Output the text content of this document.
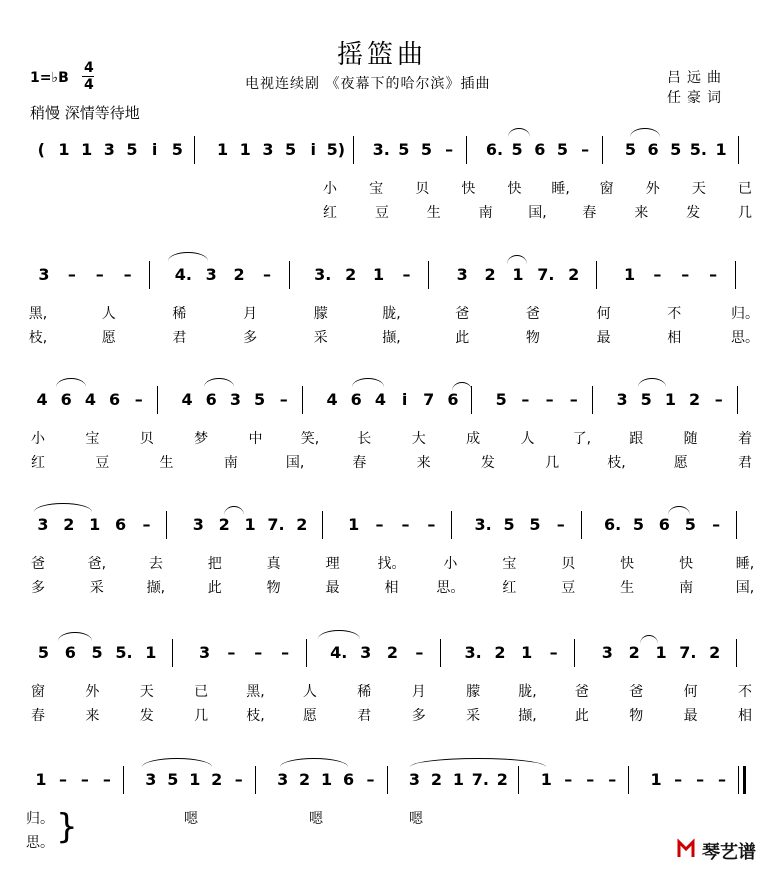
摇篮曲
1=♭B
4
4	电视连续剧 《夜幕下的哈尔滨》插曲	吕远曲
任豪词
稍慢 深情等待地
( 1 1 3 5 i 5 1 1 3 5 i 5) 3. 5 5 – 6. 5 6 5 – 5 6 5 5. 1
小 宝 贝 快 快 睡, 窗 外 天 已
红	豆	生	南	国,	春	来	发	几
3 – – –	4. 3 2 –	3. 2 1 –	3 2 1 7. 2	1 – – –
黑,	人	稀	月	朦	胧,	爸	爸	何	不	归。
枝,	愿	君	多	采	撷,	此	物	最	相	思。
4 6 4 6 – 4 6 3 5 – 4 6 4 i 7 6 5 – – – 3 5 1 2 –
小	宝	贝	梦	中	笑,	长	大	成	人	了,	跟	随	着
红	豆	生	南	国,	春	来	发	几	枝,	愿	君
3 2 1 6 –	3 2 1 7. 2	1 – – – 3. 5 5 – 6. 5 6 5 –
爸	爸,	去	把	真	理	找。	小	宝	贝	快	快	睡,
多	采	撷,	此	物	最	相	思。	红	豆	生	南	国,
5 6 5 5. 1	3 – – –	4. 3 2 –	3. 2 1 –	3 2 1 7. 2
窗	外	天	已	黑,	人	稀	月	朦	胧,	爸	爸	何	不
春	来	发	几	枝,	愿	君	多	采	撷,	此	物	最	相
1 – – – 3 5 1 2 – 3 2 1 6 – 3 2 1 7. 2 1 – – – 1 – – –
归。	嗯	嗯	嗯
思。 }
琴艺谱
